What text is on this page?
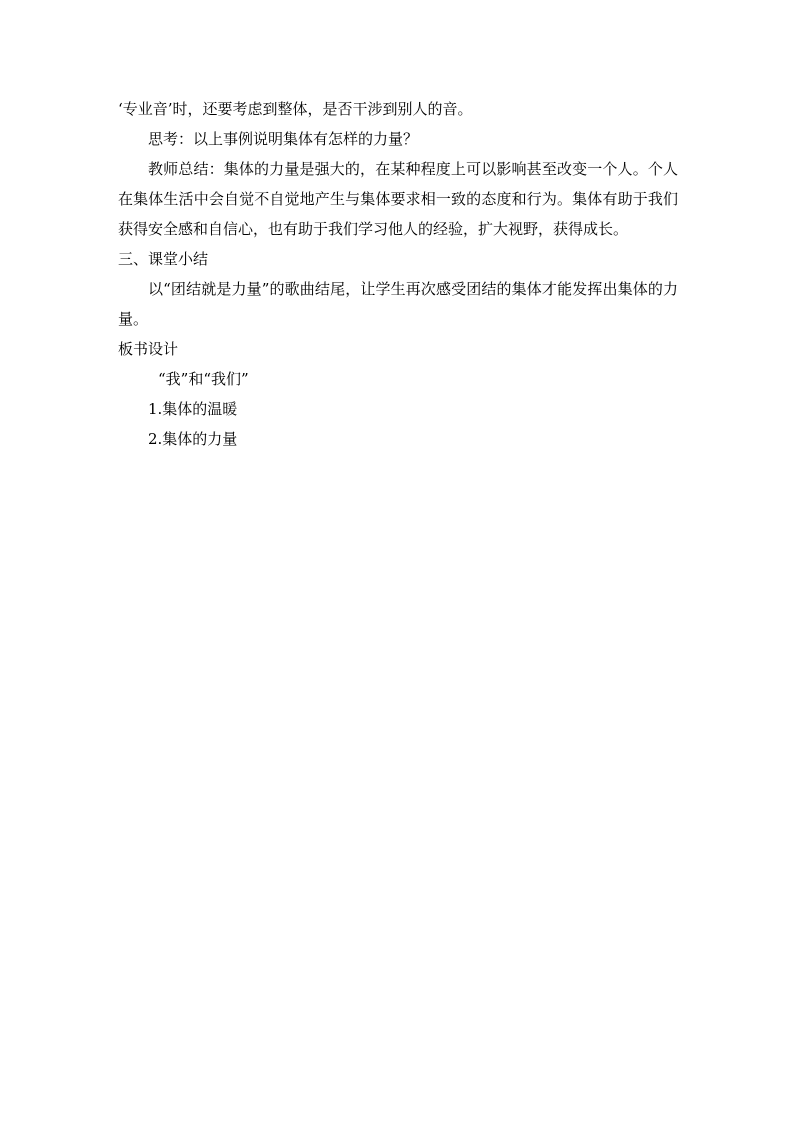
‘专业音’时，还要考虑到整体，是否干涉到别人的音。

思考：以上事例说明集体有怎样的力量？

教师总结：集体的力量是强大的，在某种程度上可以影响甚至改变一个人。个人在集体生活中会自觉不自觉地产生与集体要求相一致的态度和行为。集体有助于我们获得安全感和自信心，也有助于我们学习他人的经验，扩大视野，获得成长。

三、课堂小结

以“团结就是力量”的歌曲结尾，让学生再次感受团结的集体才能发挥出集体的力量。

板书设计

“我”和“我们”

1.集体的温暖

2.集体的力量
